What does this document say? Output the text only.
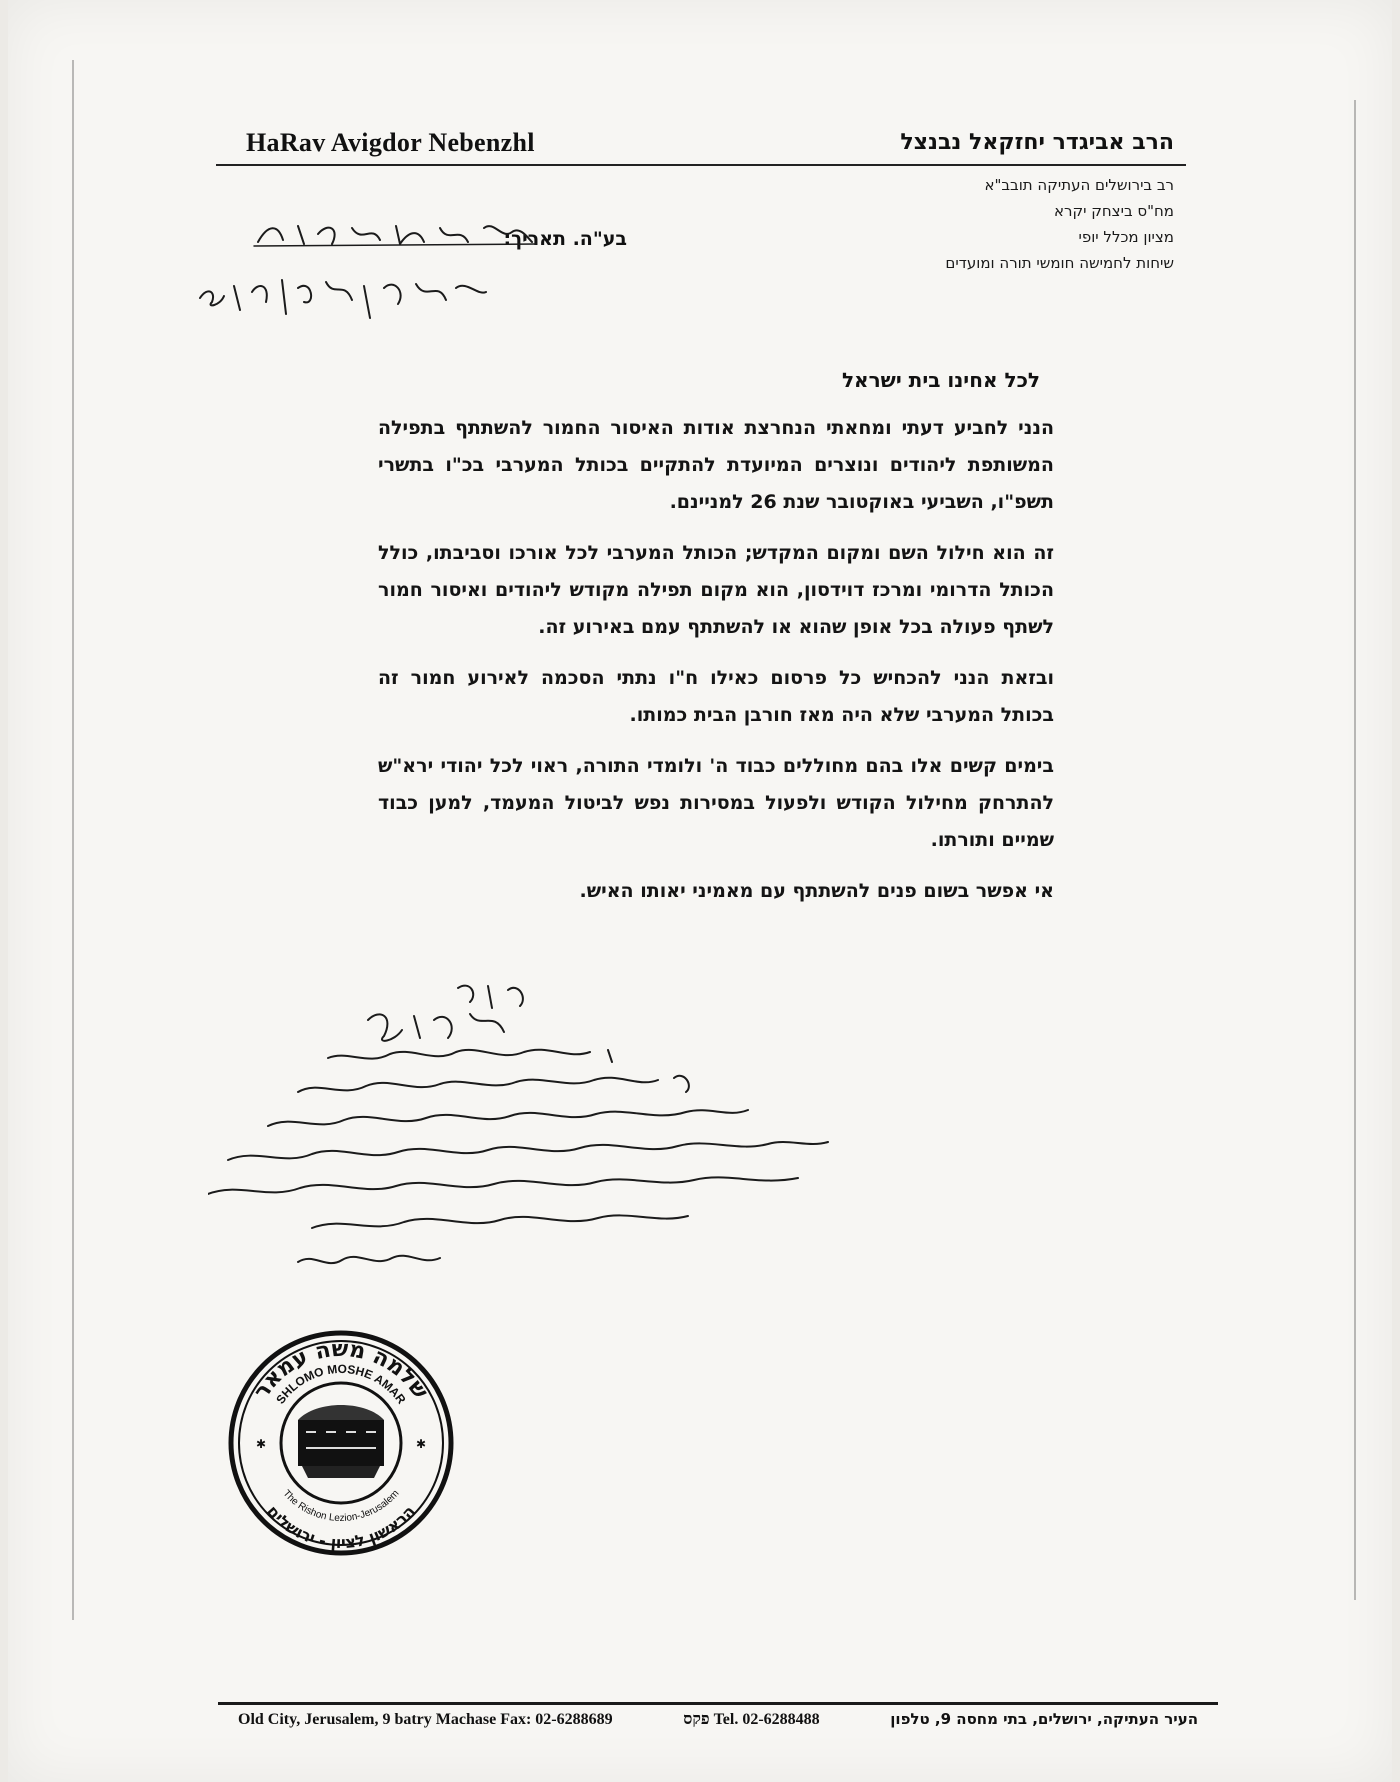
HaRav Avigdor Nebenzhl	הרב אביגדר יחזקאל נבנצל
רב בירושלים העתיקה תובב"א
מח"ס ביצחק יקרא
מציון מכלל יופי
שיחות לחמישה חומשי תורה ומועדים
בע"ה. תאריך:
לכל אחינו בית ישראל

הנני לחביע דעתי ומחאתי הנחרצת אודות האיסור החמור להשתתף בתפילה המשותפת ליהודים ונוצרים המיועדת להתקיים בכותל המערבי בכ"ו בתשרי תשפ"ו, השביעי באוקטובר שנת 26 למניינם.

זה הוא חילול השם ומקום המקדש; הכותל המערבי לכל אורכו וסביבתו, כולל הכותל הדרומי ומרכז דוידסון, הוא מקום תפילה מקודש ליהודים ואיסור חמור לשתף פעולה בכל אופן שהוא או להשתתף עמם באירוע זה.

ובזאת הנני להכחיש כל פרסום כאילו ח"ו נתתי הסכמה לאירוע חמור זה בכותל המערבי שלא היה מאז חורבן הבית כמותו.

בימים קשים אלו בהם מחוללים כבוד ה' ולומדי התורה, ראוי לכל יהודי ירא"ש להתרחק מחילול הקודש ולפעול במסירות נפש לביטול המעמד, למען כבוד שמיים ותורתו.

אי אפשר בשום פנים להשתתף עם מאמיני יאותו האיש.

שלמה משה עמאר
SHLOMO MOSHE AMAR
The Rishon Lezion-Jerusalem
הראשון לציון - ירושלים
✱	✱
Old City, Jerusalem, 9 batry Machase Fax: 02-6288689	פקס Tel. 02-6288488	העיר העתיקה, ירושלים, בתי מחסה 9, טלפון
